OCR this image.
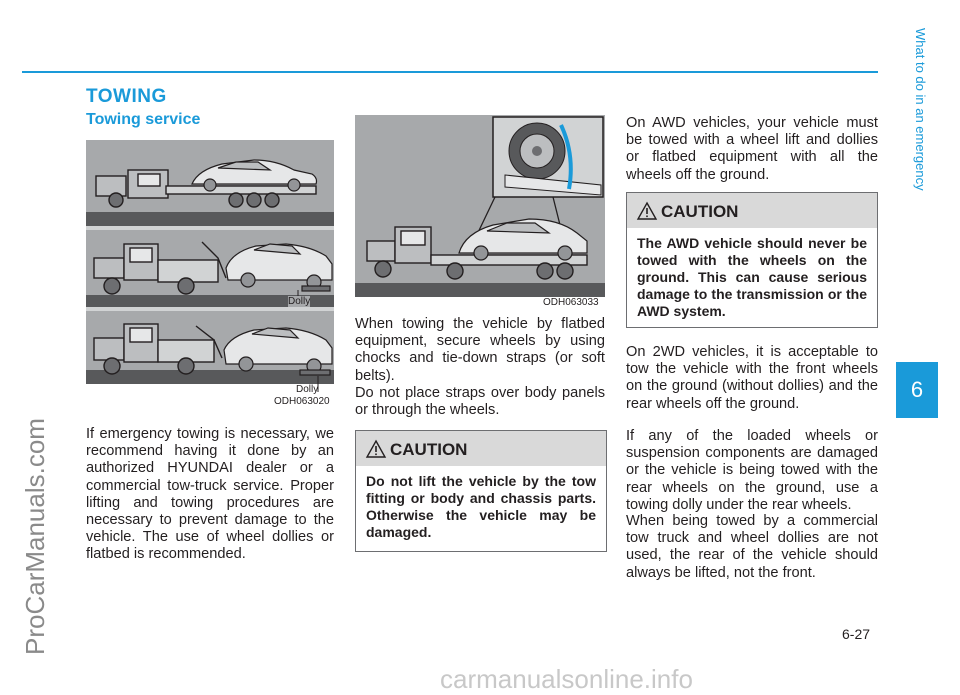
TOWING
Towing service
Dolly
Dolly
ODH063020

If emergency towing is necessary, we recommend having it done by an authorized HYUNDAI dealer or a commercial tow-truck service. Proper lifting and towing procedures are necessary to prevent damage to the vehicle. The use of wheel dollies or flatbed is recommended.

ODH063033

When towing the vehicle by flatbed equipment, secure wheels by using chocks and tie-down straps (or soft belts).

Do not place straps over body panels or through the wheels.

CAUTION
Do not lift the vehicle by the tow fitting or body and chassis parts. Otherwise the vehicle may be damaged.

On AWD vehicles, your vehicle must be towed with a wheel lift and dollies or flatbed equipment with all the wheels off the ground.

CAUTION
The AWD vehicle should never be towed with the wheels on the ground. This can cause serious damage to the transmission or the AWD system.

On 2WD vehicles, it is acceptable to tow the vehicle with the front wheels on the ground (without dollies) and the rear wheels off the ground.

If any of the loaded wheels or suspension components are damaged or the vehicle is being towed with the rear wheels on the ground, use a towing dolly under the rear wheels.

When being towed by a commercial tow truck and wheel dollies are not used, the rear of the vehicle should always be lifted, not the front.

What to do in an emergency
6
6-27
ProCarManuals.com
carmanualsonline.info
